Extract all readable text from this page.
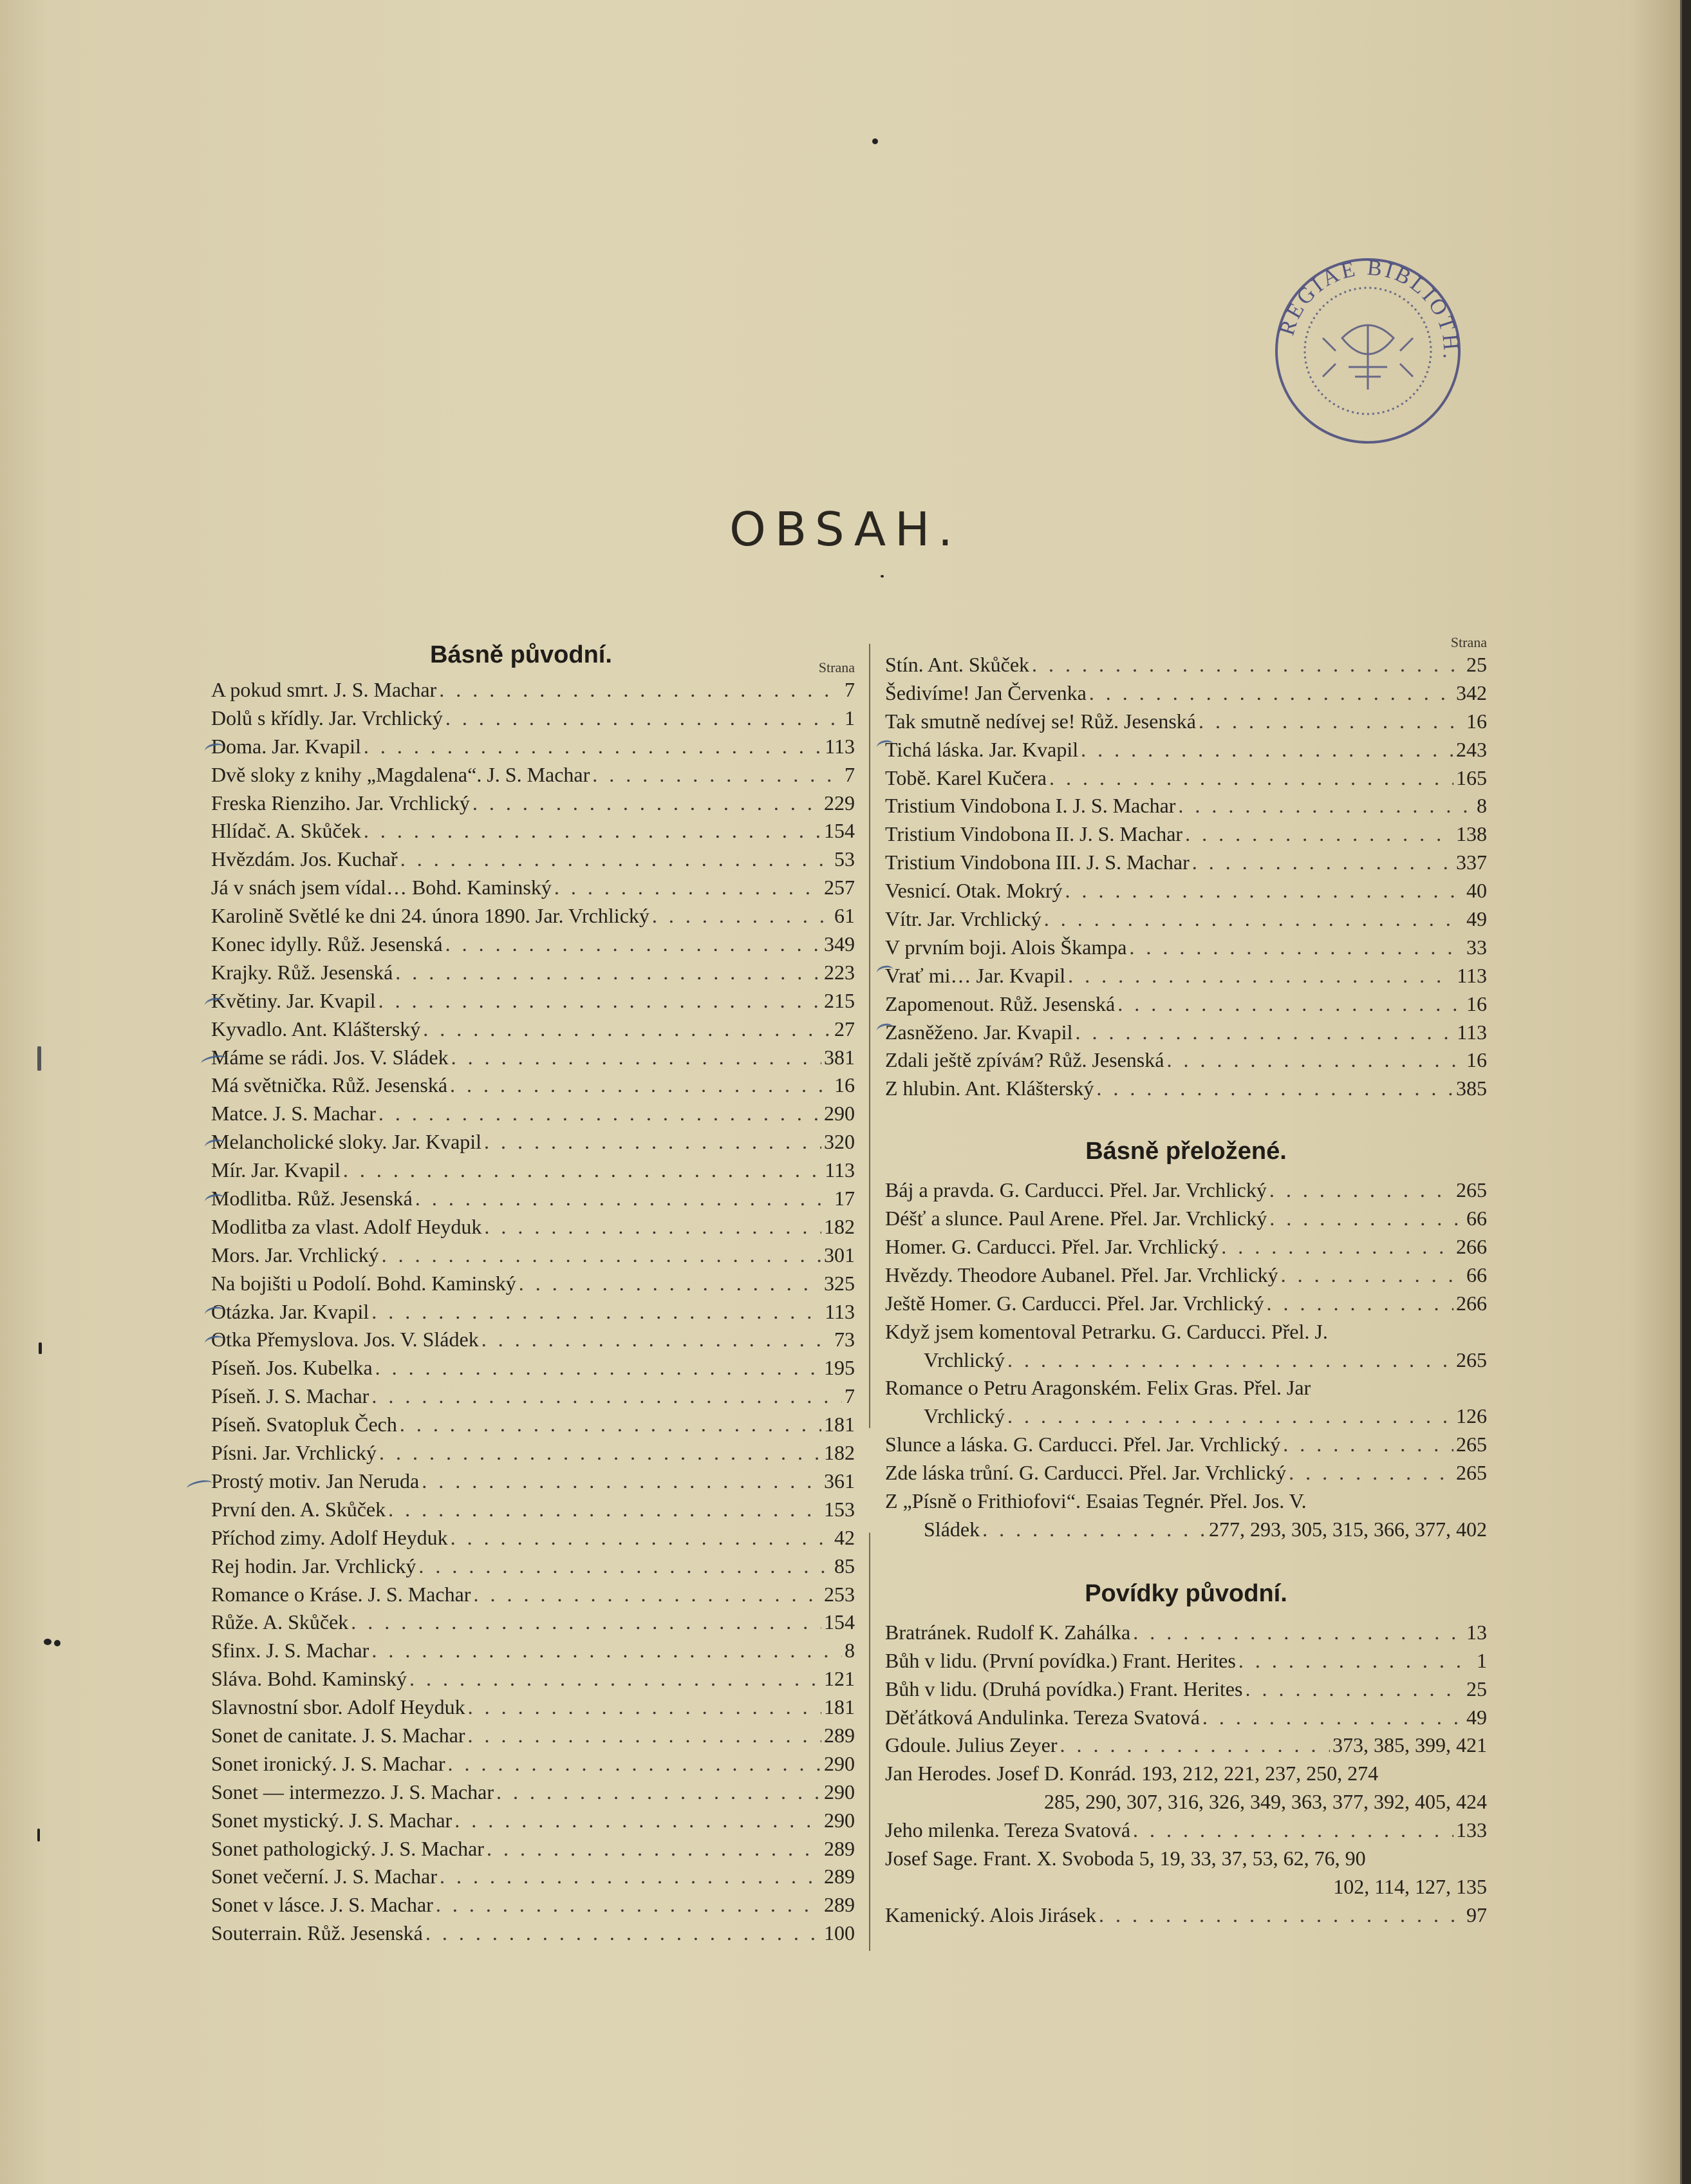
REGIAE BIBLIOTH.
OBSAH.
Básně původní.	Strana
A pokud smrt. J. S. Machar . . .	7
Dolů s křídly. Jar. Vrchlický . . .	1
Doma. Jar. Kvapil . . .	113
Dvě sloky z knihy „Magdalena“. J. S. Machar . . .	7
Freska Rienziho. Jar. Vrchlický . . .	229
Hlídač. A. Skůček . . .	154
Hvězdám. Jos. Kuchař . . .	53
Já v snách jsem vídal… Bohd. Kaminský . . .	257
Karolině Světlé ke dni 24. února 1890. Jar. Vrchlický . . .	61
Konec idylly. Růž. Jesenská . . .	349
Krajky. Růž. Jesenská . . .	223
Květiny. Jar. Kvapil . . .	215
Kyvadlo. Ant. Klášterský . . .	27
Máme se rádi. Jos. V. Sládek . . .	381
Má světnička. Růž. Jesenská . . .	16
Matce. J. S. Machar . . .	290
Melancholické sloky. Jar. Kvapil . . .	320
Mír. Jar. Kvapil . . .	113
Modlitba. Růž. Jesenská . . .	17
Modlitba za vlast. Adolf Heyduk . . .	182
Mors. Jar. Vrchlický . . .	301
Na bojišti u Podolí. Bohd. Kaminský . . .	325
Otázka. Jar. Kvapil . . .	113
Otka Přemyslova. Jos. V. Sládek . . .	73
Píseň. Jos. Kubelka . . .	195
Píseň. J. S. Machar . . .	7
Píseň. Svatopluk Čech . . .	181
Písni. Jar. Vrchlický . . .	182
Prostý motiv. Jan Neruda . . .	361
První den. A. Skůček . . .	153
Příchod zimy. Adolf Heyduk . . .	42
Rej hodin. Jar. Vrchlický . . .	85
Romance o Kráse. J. S. Machar . . .	253
Růže. A. Skůček . . .	154
Sfinx. J. S. Machar . . .	8
Sláva. Bohd. Kaminský . . .	121
Slavnostní sbor. Adolf Heyduk . . .	181
Sonet de canitate. J. S. Machar . . .	289
Sonet ironický. J. S. Machar . . .	290
Sonet — intermezzo. J. S. Machar . . .	290
Sonet mystický. J. S. Machar . . .	290
Sonet pathologický. J. S. Machar . . .	289
Sonet večerní. J. S. Machar . . .	289
Sonet v lásce. J. S. Machar . . .	289
Souterrain. Růž. Jesenská . . .	100
Strana
Stín. Ant. Skůček . . .	25
Šedivíme! Jan Červenka . . .	342
Tak smutně nedívej se! Růž. Jesenská . . .	16
Tichá láska. Jar. Kvapil . . .	243
Tobě. Karel Kučera . . .	165
Tristium Vindobona I. J. S. Machar . . .	8
Tristium Vindobona II. J. S. Machar . . .	138
Tristium Vindobona III. J. S. Machar . . .	337
Vesnicí. Otak. Mokrý . . .	40
Vítr. Jar. Vrchlický . . .	49
V prvním boji. Alois Škampa . . .	33
Vrať mi… Jar. Kvapil . . .	113
Zapomenout. Růž. Jesenská . . .	16
Zasněženo. Jar. Kvapil . . .	113
Zdali ještě zpíváм? Růž. Jesenská . . .	16
Z hlubin. Ant. Klášterský . . .	385
Básně přeložené.
Báj a pravda. G. Carducci. Přel. Jar. Vrchlický . . .	265
Déšť a slunce. Paul Arene. Přel. Jar. Vrchlický . . .	66
Homer. G. Carducci. Přel. Jar. Vrchlický . . .	266
Hvězdy. Theodore Aubanel. Přel. Jar. Vrchlický . . .	66
Ještě Homer. G. Carducci. Přel. Jar. Vrchlický . . .	266
Když jsem komentoval Petrarku. G. Carducci. Přel. J.
Vrchlický . . .	265
Romance o Petru Aragonském. Felix Gras. Přel. Jar
Vrchlický . . .	126
Slunce a láska. G. Carducci. Přel. Jar. Vrchlický . . .	265
Zde láska trůní. G. Carducci. Přel. Jar. Vrchlický . . .	265
Z „Písně o Frithiofovi“. Esaias Tegnér. Přel. Jos. V.
Sládek . . .	277, 293, 305, 315, 366, 377, 402
Povídky původní.
Bratránek. Rudolf K. Zahálka . . .	13
Bůh v lidu. (První povídka.) Frant. Herites . . .	1
Bůh v lidu. (Druhá povídka.) Frant. Herites . . .	25
Děťátková Andulinka. Tereza Svatová . . .	49
Gdoule. Julius Zeyer . . .	373, 385, 399, 421
Jan Herodes. Josef D. Konrád. 193, 212, 221, 237, 250, 274
285, 290, 307, 316, 326, 349, 363, 377, 392, 405, 424
Jeho milenka. Tereza Svatová . . .	133
Josef Sage. Frant. X. Svoboda 5, 19, 33, 37, 53, 62, 76, 90
102, 114, 127, 135
Kamenický. Alois Jirásek . . .	97
